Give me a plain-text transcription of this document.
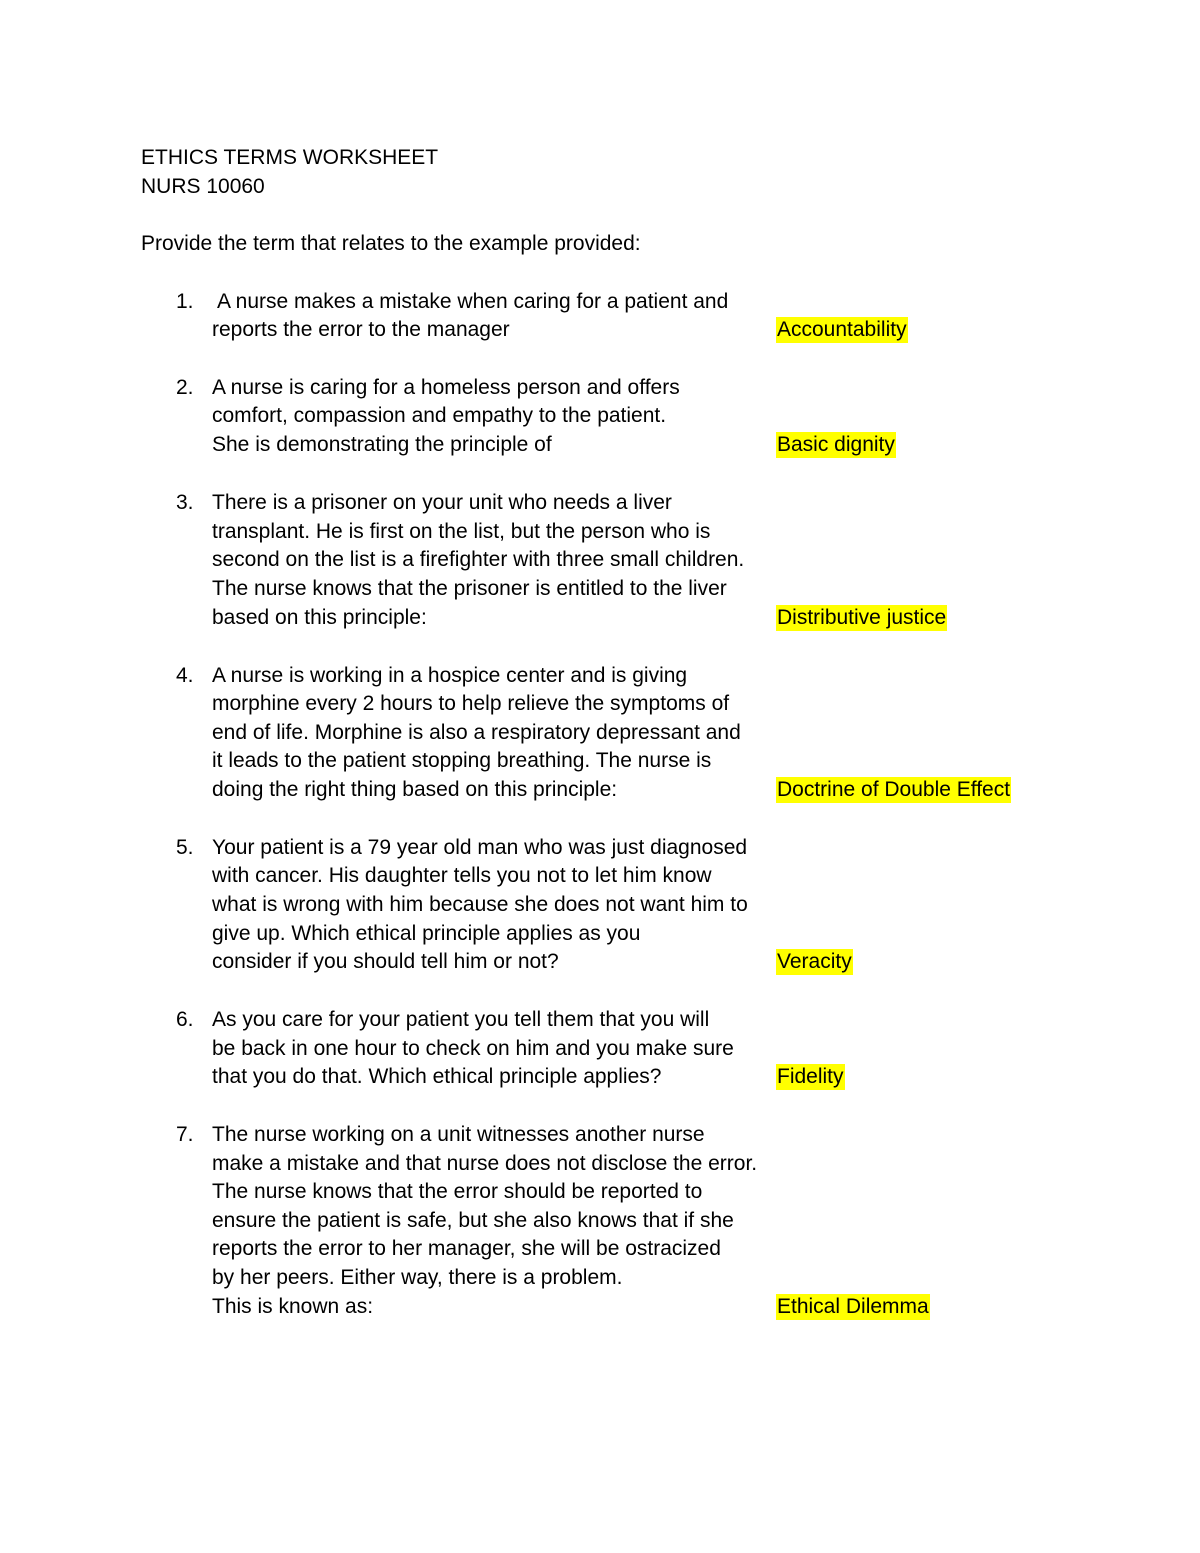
ETHICS TERMS WORKSHEET
NURS 10060
Provide the term that relates to the example provided:
1. A nurse makes a mistake when caring for a patient and
reports the error to the manager	Accountability
2. A nurse is caring for a homeless person and offers
comfort, compassion and empathy to the patient.
She is demonstrating the principle of	Basic dignity
3. There is a prisoner on your unit who needs a liver
transplant. He is first on the list, but the person who is
second on the list is a firefighter with three small children.
The nurse knows that the prisoner is entitled to the liver
based on this principle:	Distributive justice
4. A nurse is working in a hospice center and is giving
morphine every 2 hours to help relieve the symptoms of
end of life. Morphine is also a respiratory depressant and
it leads to the patient stopping breathing. The nurse is
doing the right thing based on this principle:	Doctrine of Double Effect
5. Your patient is a 79 year old man who was just diagnosed
with cancer. His daughter tells you not to let him know
what is wrong with him because she does not want him to
give up. Which ethical principle applies as you
consider if you should tell him or not?	Veracity
6. As you care for your patient you tell them that you will
be back in one hour to check on him and you make sure
that you do that. Which ethical principle applies?	Fidelity
7. The nurse working on a unit witnesses another nurse
make a mistake and that nurse does not disclose the error.
The nurse knows that the error should be reported to
ensure the patient is safe, but she also knows that if she
reports the error to her manager, she will be ostracized
by her peers. Either way, there is a problem.
This is known as:	Ethical Dilemma
